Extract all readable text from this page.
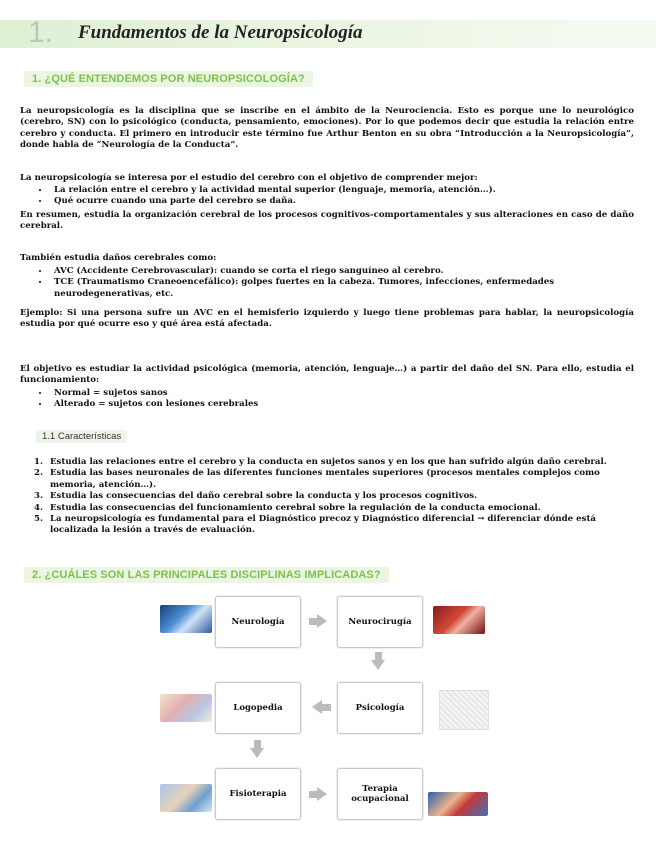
1. Fundamentos de la Neuropsicología
1. ¿QUÉ ENTENDEMOS POR NEUROPSICOLOGÍA?
La neuropsicología es la disciplina que se inscribe en el ámbito de la Neurociencia. Esto es porque une lo neurológico (cerebro, SN) con lo psicológico (conducta, pensamiento, emociones). Por lo que podemos decir que estudia la relación entre cerebro y conducta. El primero en introducir este término fue Arthur Benton en su obra “Introducción a la Neuropsicología”, donde habla de “Neurología de la Conducta”.
La neuropsicología se interesa por el estudio del cerebro con el objetivo de comprender mejor:
• La relación entre el cerebro y la actividad mental superior (lenguaje, memoria, atención…).
• Qué ocurre cuando una parte del cerebro se daña.
En resumen, estudia la organización cerebral de los procesos cognitivos-comportamentales y sus alteraciones en caso de daño cerebral.
También estudia daños cerebrales como:
• AVC (Accidente Cerebrovascular): cuando se corta el riego sanguíneo al cerebro.
• TCE (Traumatismo Craneoencefálico): golpes fuertes en la cabeza. Tumores, infecciones, enfermedades neurodegenerativas, etc.
Ejemplo: Si una persona sufre un AVC en el hemisferio izquierdo y luego tiene problemas para hablar, la neuropsicología estudia por qué ocurre eso y qué área está afectada.
El objetivo es estudiar la actividad psicológica (memoria, atención, lenguaje…) a partir del daño del SN. Para ello, estudia el funcionamiento:
• Normal = sujetos sanos
• Alterado = sujetos con lesiones cerebrales
1.1 Características
1. Estudia las relaciones entre el cerebro y la conducta en sujetos sanos y en los que han sufrido algún daño cerebral.
2. Estudia las bases neuronales de las diferentes funciones mentales superiores (procesos mentales complejos como memoria, atención…).
3. Estudia las consecuencias del daño cerebral sobre la conducta y los procesos cognitivos.
4. Estudia las consecuencias del funcionamiento cerebral sobre la regulación de la conducta emocional.
5. La neuropsicología es fundamental para el Diagnóstico precoz y Diagnóstico diferencial → diferenciar dónde está localizada la lesión a través de evaluación.
2. ¿CUÁLES SON LAS PRINCIPALES DISCIPLINAS IMPLICADAS?
Neurología	Neurocirugía
Logopedia	Psicología
Fisioterapia	Terapia ocupacional
